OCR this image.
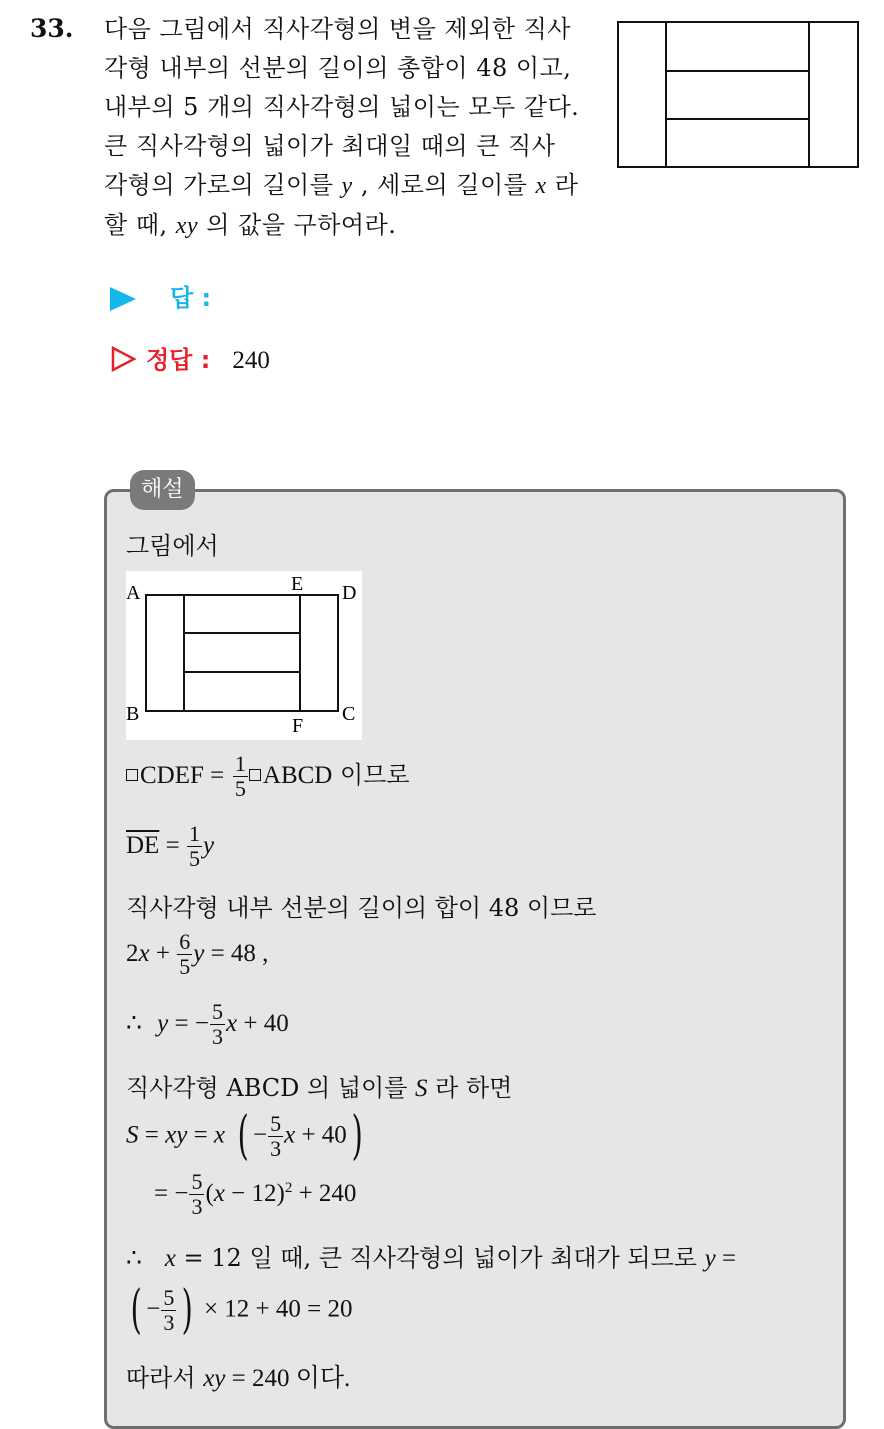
33. 다음 그림에서 직사각형의 변을 제외한 직사
각형 내부의 선분의 길이의 총합이 48 이고,
내부의 5 개의 직사각형의 넓이는 모두 같다.
큰 직사각형의 넓이가 최대일 때의 큰 직사
각형의 가로의 길이를 y , 세로의 길이를 x 라
할 때, xy 의 값을 구하여라.
답 :
정답 : 240
해설
그림에서
A	E D
B
F
C
CDEF = $\frac{1}{5}$ ABCD 이므로
$\overline{DE} = \frac{1}{5}$ y
직사각형 내부 선분의 길이의 합이 48 이므로
$2x + \frac{6}{5}$ y = 48 ,
∴ y = − $\frac{5}{3}$ x + 40
직사각형 ABCD 의 넓이를 S 라 하면
S = xy = x ( − $\frac{5}{3}$ x + 40)
= − $\frac{5}{3} (x - 12)^2 + 240$
∴ x = 12 일 때, 큰 직사각형의 넓이가 최대가 되므로 y =
( − $\frac{5}{3}$ ) × 12 + 40 = 20
따라서 xy = 240 이다.
